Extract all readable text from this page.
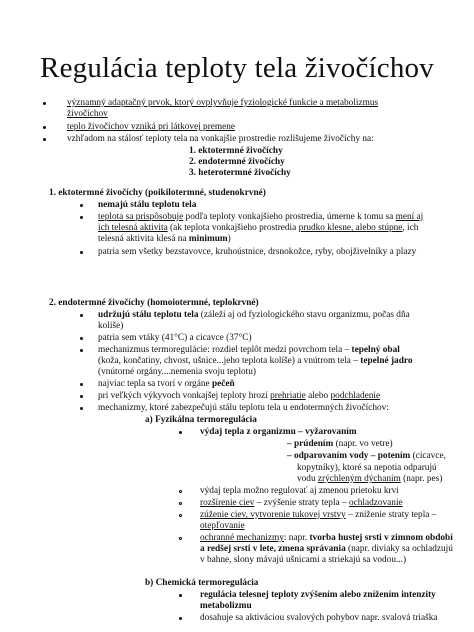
Regulácia teploty tela živočíchov
významný adaptačný prvok, ktorý ovplyvňuje fyziologické funkcie a metabolizmus
živočíchov
teplo živočíchov vzniká pri látkovej premene
vzhľadom na stálosť teploty tela na vonkajšie prostredie rozlišujeme živočíchy na:
1. ektotermné živočíchy
2. endotermné živočíchy
3. heterotermné živočíchy
1. ektotermné živočíchy (poikilotermné, studenokrvné)
nemajú stálu teplotu tela
teplota sa prispôsobuje podľa teploty vonkajšieho prostredia, úmerne k tomu sa mení aj
ich telesná aktivita (ak teplota vonkajšieho prostredia prudko klesne, alebo stúpne, ich
telesná aktivita klesá na minimum)
patria sem všetky bezstavovce, kruhoústnice, drsnokožce, ryby, obojživelníky a plazy
2. endotermné živočíchy (homoiotermné, teplokrvné)
udržujú stálu teplotu tela (záleží aj od fyziologického stavu organizmu, počas dňa
kolíše)
patria sem vtáky (41°C) a cicavce (37°C)
mechanizmus termoregulácie: rozdiel teplôt medzi povrchom tela – tepelný obal
(koža, končatiny, chvost, ušnice...jeho teplota kolíše) a vnútrom tela – tepelné jadro
(vnútorné orgány....nemenia svoju teplotu)
najviac tepla sa tvorí v orgáne pečeň
pri veľkých výkyvoch vonkajšej teploty hrozí prehriatie alebo podchladenie
mechanizmy, ktoré zabezpečujú stálu teplotu tela u endotermných živočíchov:
a) Fyzikálna termoregulácia
výdaj tepla z organizmu – vyžarovaním
– prúdením (napr. vo vetre)
– odparovaním vody – potením (cicavce,
kopytníky), ktoré sa nepotia odparujú
vodu zrýchleným dýchaním (napr. pes)
výdaj tepla možno regulovať aj zmenou prietoku krvi
rozšírenie ciev – zvýšenie straty tepla – ochladzovanie
zúženie ciev, vytvorenie tukovej vrstvy – zníženie straty tepla –
otepľovanie
ochranné mechanizmy: napr. tvorba hustej srsti v zimnom období
a redšej srsti v lete, zmena správania (napr. diviaky sa ochladzujú
v bahne, slony mávajú ušnicami a striekajú sa vodou...)
b) Chemická termoregulácia
regulácia telesnej teploty zvýšením alebo znížením intenzity
metabolizmu
dosahuje sa aktiváciou svalových pohybov napr. svalová triaška
